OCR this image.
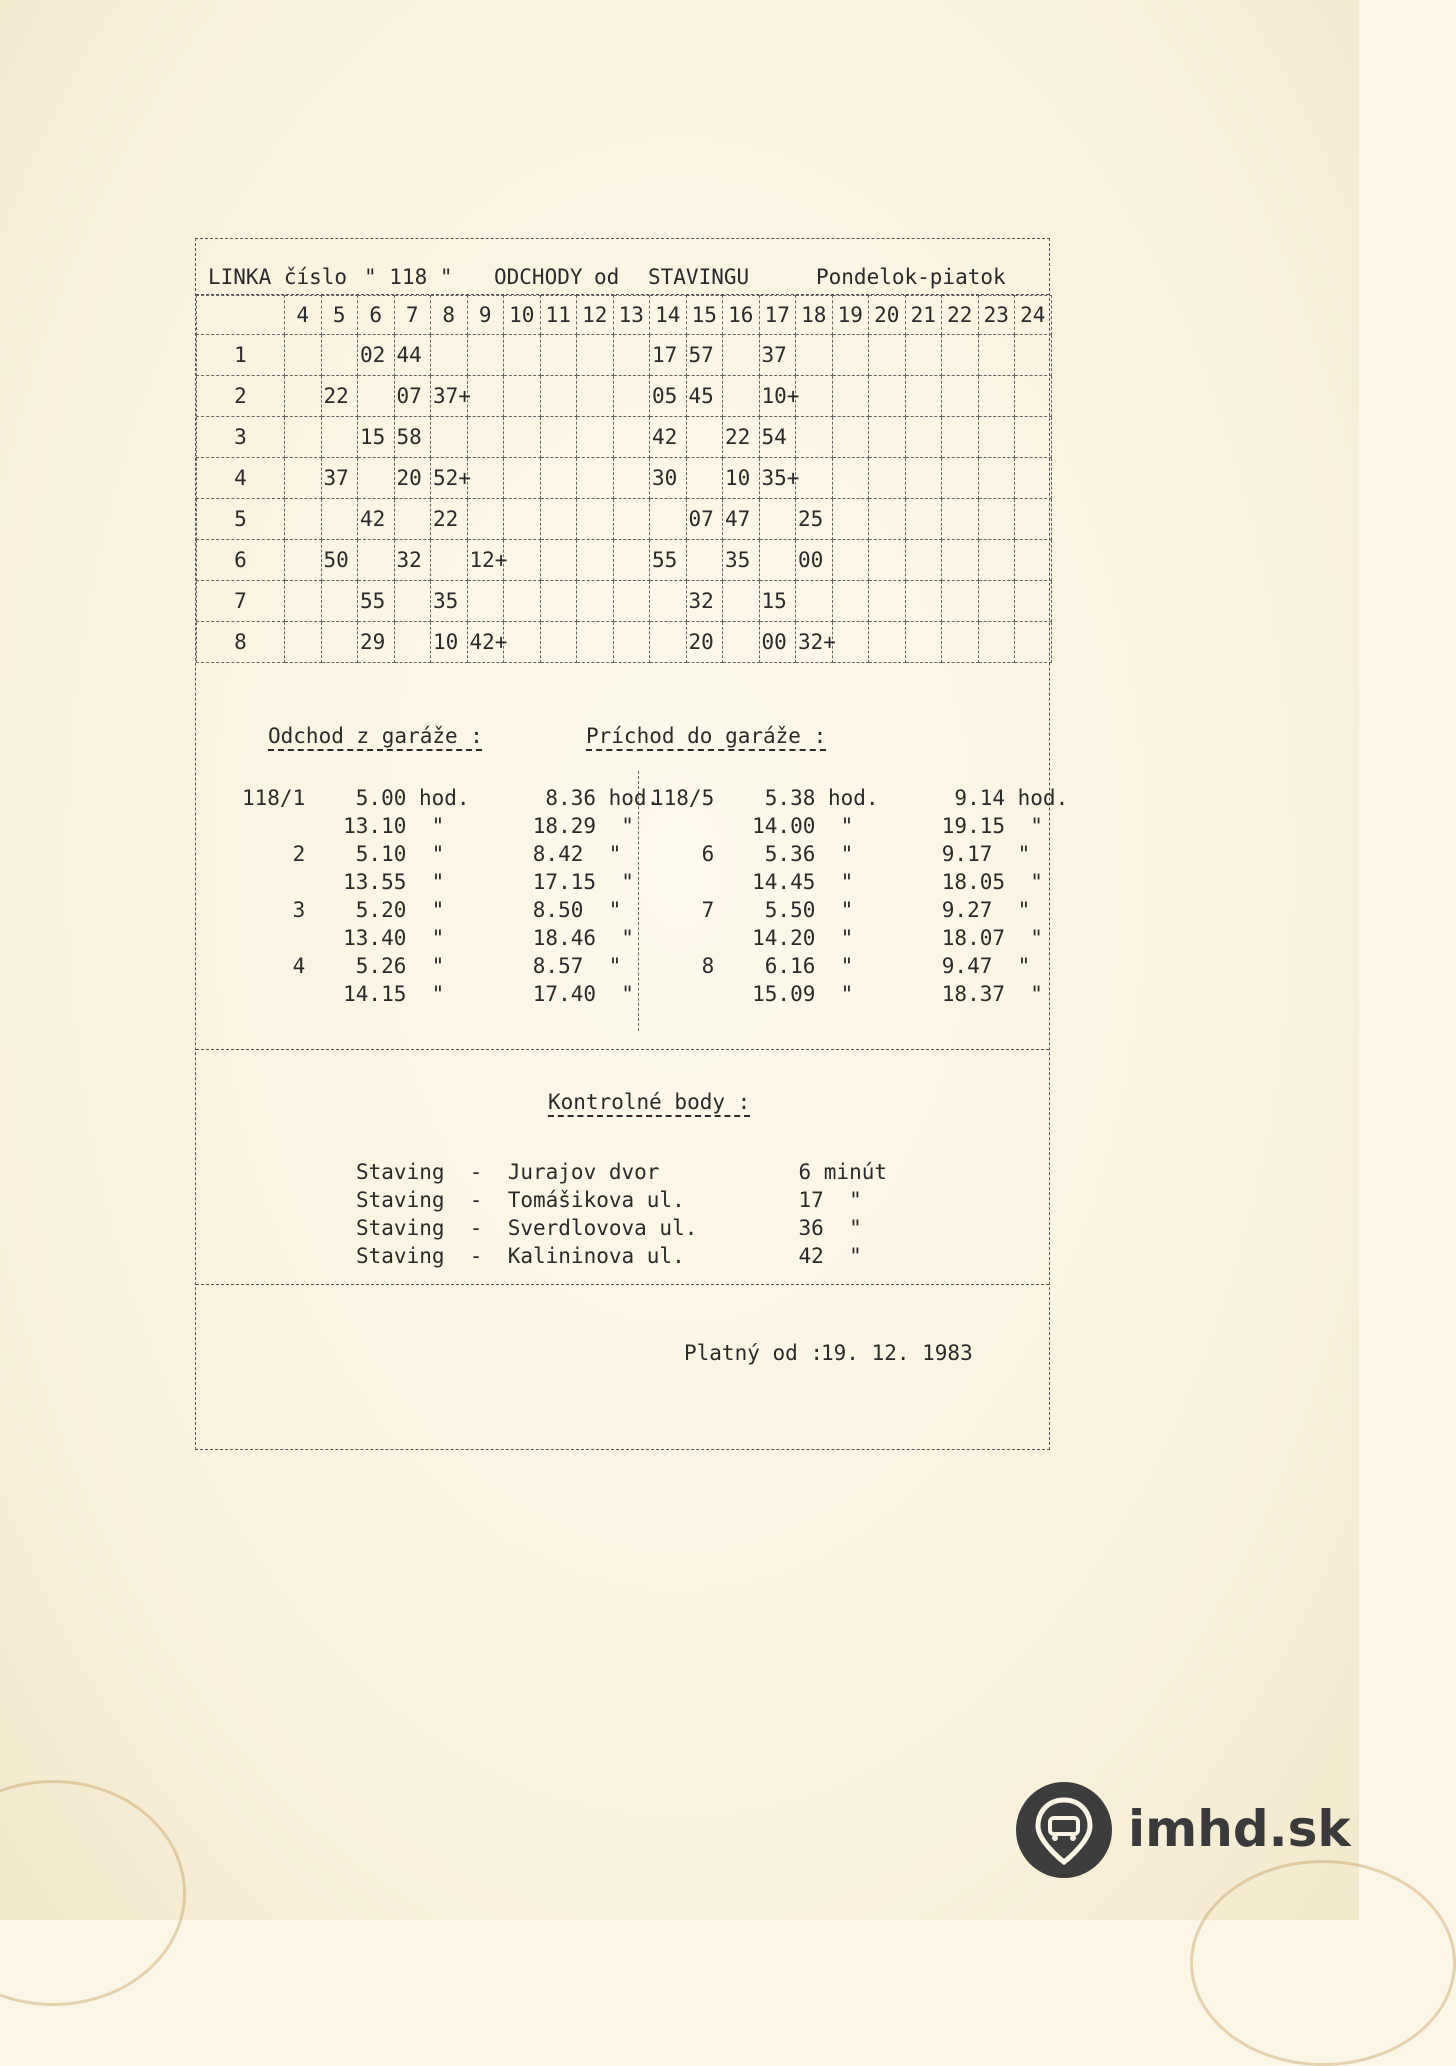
LINKA číslo " 118 " ODCHODY od STAVINGU	Pondelok-piatok
	4	5	6	7	8	9	10	11	12	13	14	15	16	17	18	19	20	21	22	23	24
1			02	44							17	57		37							
2		22		07	37+						05	45		10+							
3			15	58							42		22	54							
4		37		20	52+						30		10	35+							
5			42		22							07	47		25						
6		50		32		12+					55		35		00						
7			55		35							32		15							
8			29		10	42+						20		00	32+						
Odchod z garáže :	Príchod do garáže :
118/1    5.00 hod.      8.36 hod.
13.10  "       18.29  "
2    5.10  "       8.42  "
13.55  "       17.15  "
3    5.20  "       8.50  "
13.40  "       18.46  "
4    5.26  "       8.57  "
14.15  "       17.40  "
118/5    5.38 hod.      9.14 hod.
14.00  "       19.15  "
6    5.36  "       9.17  "
14.45  "       18.05  "
7    5.50  "       9.27  "
14.20  "       18.07  "
8    6.16  "       9.47  "
15.09  "       18.37  "
Kontrolné body :
Staving  -  Jurajov dvor           6 minút
Staving  -  Tomášikova ul.         17  "
Staving  -  Sverdlovova ul.        36  "
Staving  -  Kalininova ul.         42  "
Platný od :
19. 12. 1983
imhd.sk
